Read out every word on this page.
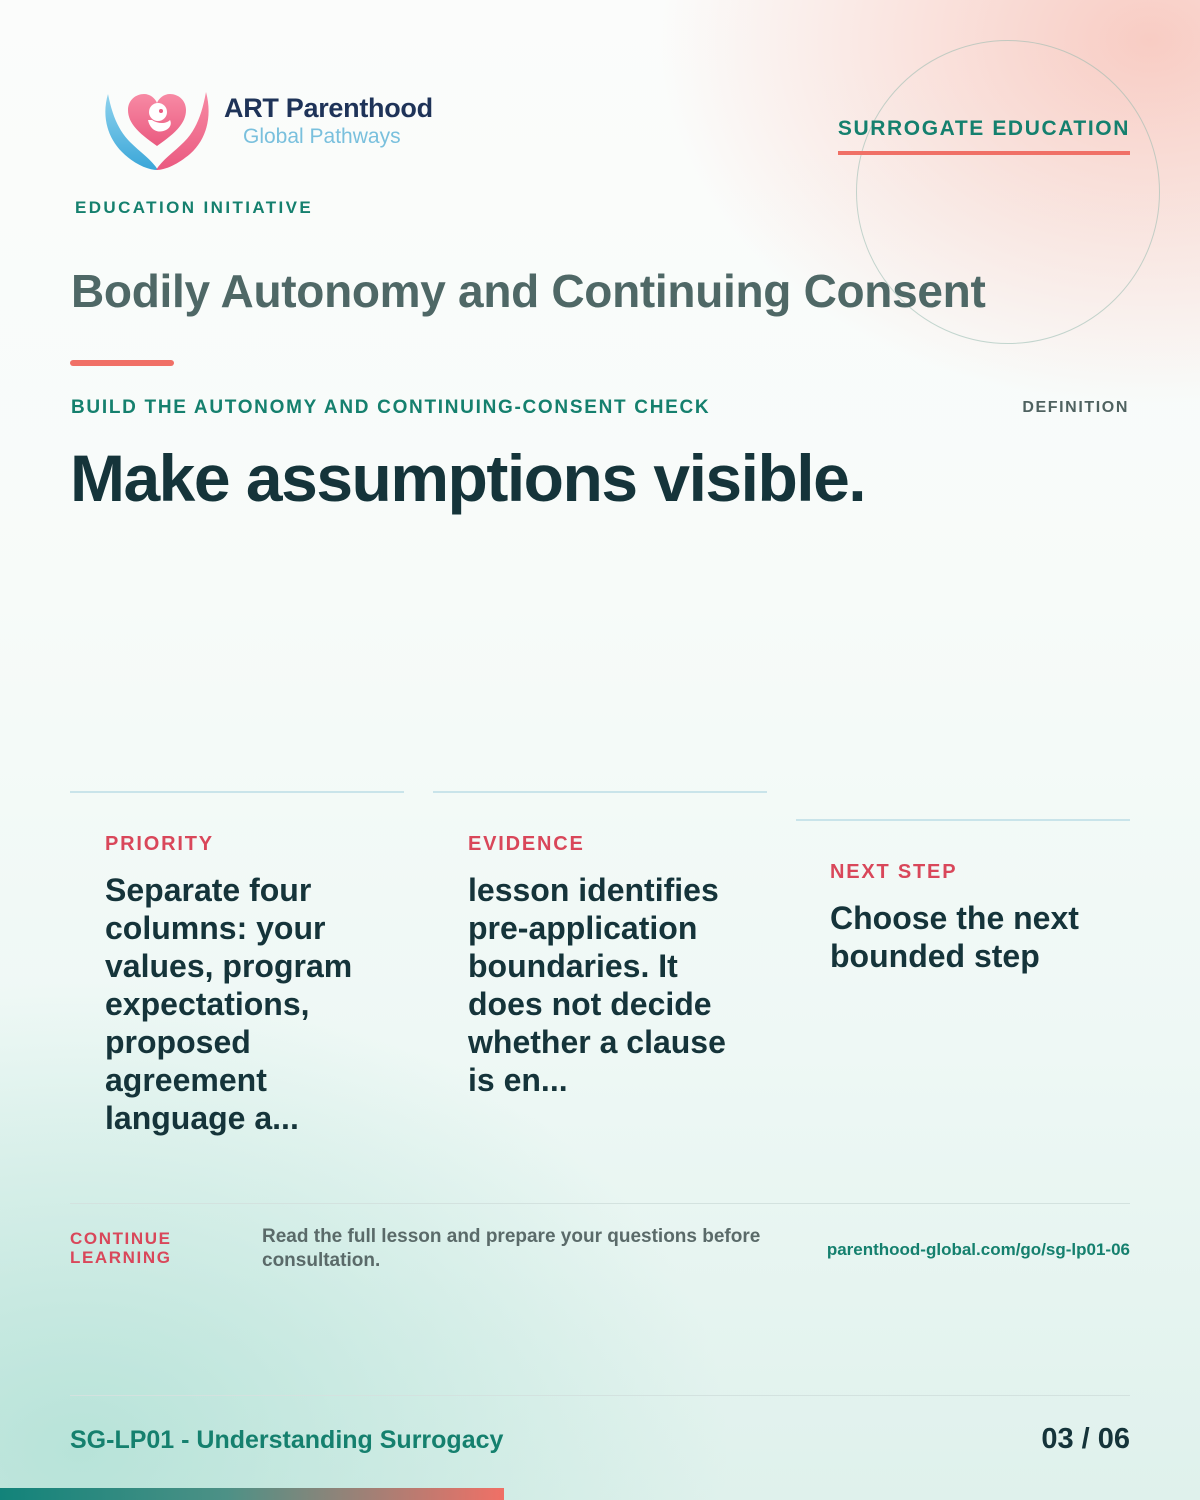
ART Parenthood
Global Pathways
EDUCATION INITIATIVE
SURROGATE EDUCATION
Bodily Autonomy and Continuing Consent
BUILD THE AUTONOMY AND CONTINUING-CONSENT CHECK	DEFINITION
Make assumptions visible.
PRIORITY
Separate four columns: your values, program expectations, proposed agreement language a...
EVIDENCE
lesson identifies pre-application boundaries. It does not decide whether a clause is en...
NEXT STEP
Choose the next bounded step
CONTINUE LEARNING
Read the full lesson and prepare your questions before consultation.
parenthood-global.com/go/sg-lp01-06
SG-LP01 - Understanding Surrogacy	03 / 06
